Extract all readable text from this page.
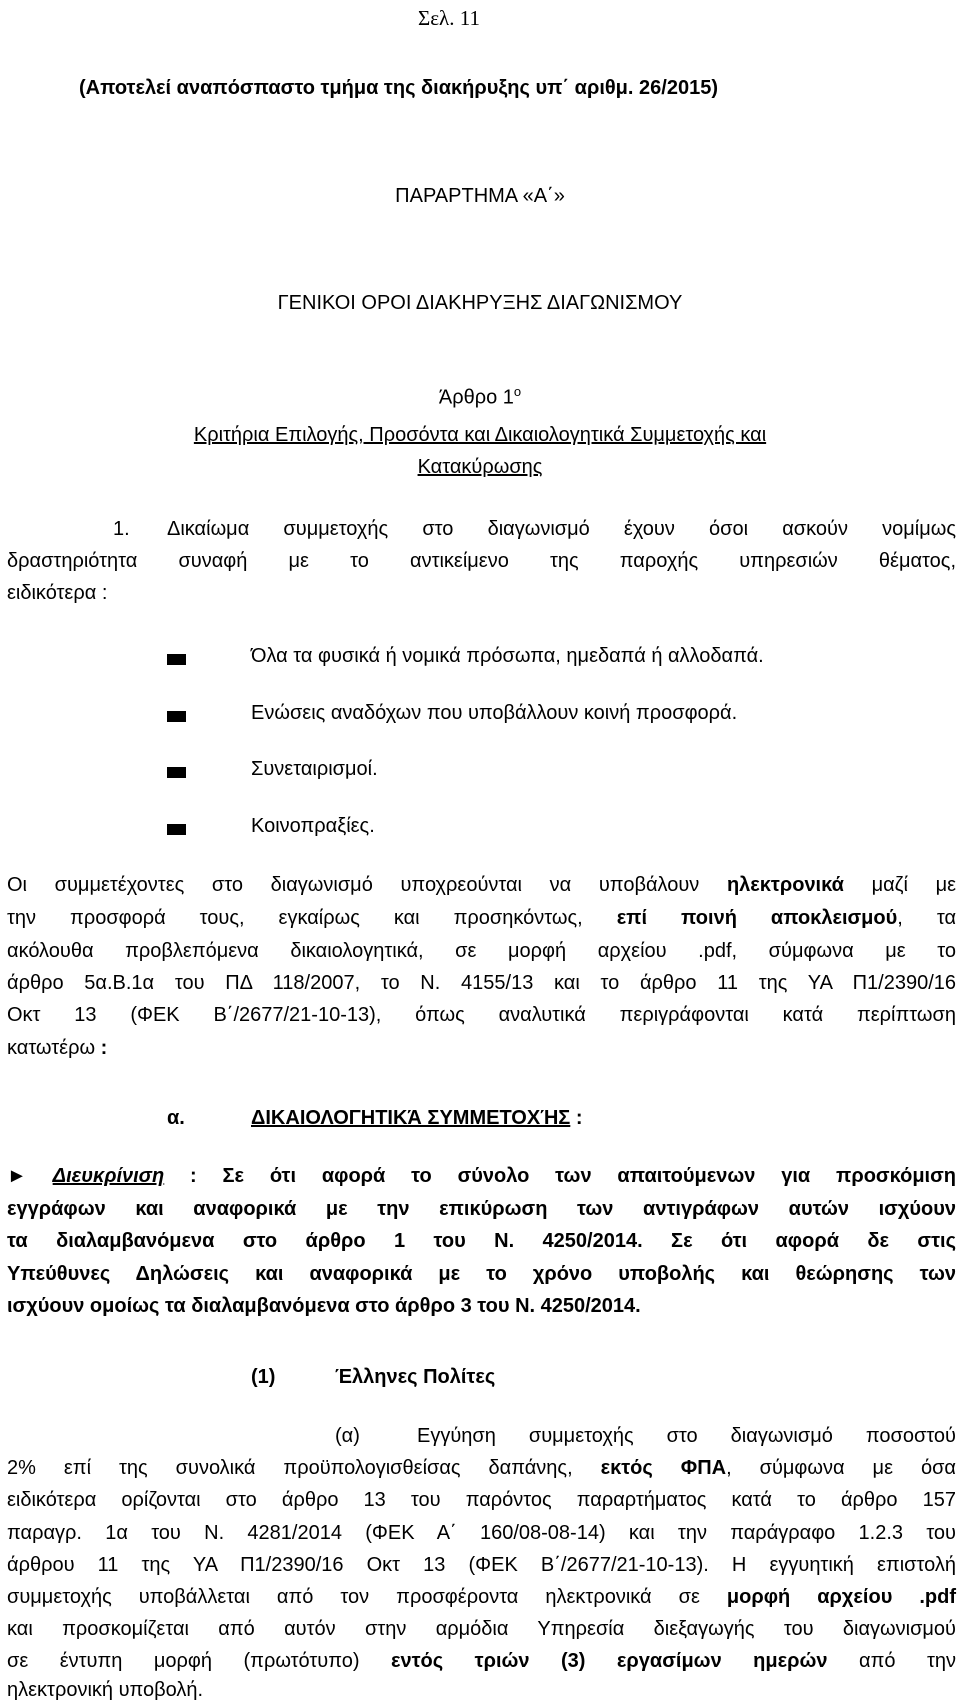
Σελ. 11
(Αποτελεί αναπόσπαστο τμήμα της διακήρυξης υπ΄ αριθμ. 26/2015)
ΠΑΡΑΡΤΗΜΑ «Α΄»
ΓΕΝΙΚΟΙ ΟΡΟΙ ΔΙΑΚΗΡΥΞΗΣ ΔΙΑΓΩΝΙΣΜΟΥ
Άρθρο $1^o$
Κριτήρια Επιλογής, Προσόντα και Δικαιολογητικά Συμμετοχής και
Κατακύρωσης
1. Δικαίωμα συμμετοχής στο διαγωνισμό έχουν όσοι ασκούν νομίμως
δραστηριότητα συναφή με το αντικείμενο της παροχής υπηρεσιών θέματος,
ειδικότερα :
Όλα τα φυσικά ή νομικά πρόσωπα, ημεδαπά ή αλλοδαπά.
Ενώσεις αναδόχων που υποβάλλουν κοινή προσφορά.
Συνεταιρισμοί.
Κοινοπραξίες.
Οι συμμετέχοντες στο διαγωνισμό υποχρεούνται να υποβάλουν ηλεκτρονικά μαζί με
την προσφορά τους, εγκαίρως και προσηκόντως, επί ποινή αποκλεισμού, τα
ακόλουθα προβλεπόμενα δικαιολογητικά, σε μορφή αρχείου .pdf, σύμφωνα με το
άρθρο 5α.Β.1α του ΠΔ 118/2007, το Ν. 4155/13 και το άρθρο 11 της ΥΑ Π1/2390/16
Οκτ 13 (ΦΕΚ Β΄/2677/21-10-13), όπως αναλυτικά περιγράφονται κατά περίπτωση
κατωτέρω :
α.	ΔΙΚΑΙΟΛΟΓΗΤΙΚΆ ΣΥΜΜΕΤΟΧΉΣ :
► Διευκρίνιση : Σε ότι αφορά το σύνολο των απαιτούμενων για προσκόμιση
εγγράφων και αναφορικά με την επικύρωση των αντιγράφων αυτών ισχύουν
τα διαλαμβανόμενα στο άρθρο 1 του Ν. 4250/2014. Σε ότι αφορά δε στις
Υπεύθυνες Δηλώσεις και αναφορικά με το χρόνο υποβολής και θεώρησης των
ισχύουν ομοίως τα διαλαμβανόμενα στο άρθρο 3 του Ν. 4250/2014.
(1)	Έλληνες Πολίτες
(α)	Εγγύηση συμμετοχής στο διαγωνισμό ποσοστού
2% επί της συνολικά προϋπολογισθείσας δαπάνης, εκτός ΦΠΑ, σύμφωνα με όσα
ειδικότερα ορίζονται στο άρθρο 13 του παρόντος παραρτήματος κατά το άρθρο 157
παραγρ. 1α του Ν. 4281/2014 (ΦΕΚ Α΄ 160/08-08-14) και την παράγραφο 1.2.3 του
άρθρου 11 της ΥΑ Π1/2390/16 Οκτ 13 (ΦΕΚ Β΄/2677/21-10-13). Η εγγυητική επιστολή
συμμετοχής υποβάλλεται από τον προσφέροντα ηλεκτρονικά σε μορφή αρχείου .pdf
και προσκομίζεται από αυτόν στην αρμόδια Υπηρεσία διεξαγωγής του διαγωνισμού
σε έντυπη μορφή (πρωτότυπο) εντός τριών (3) εργασίμων ημερών από την
ηλεκτρονική υποβολή.
